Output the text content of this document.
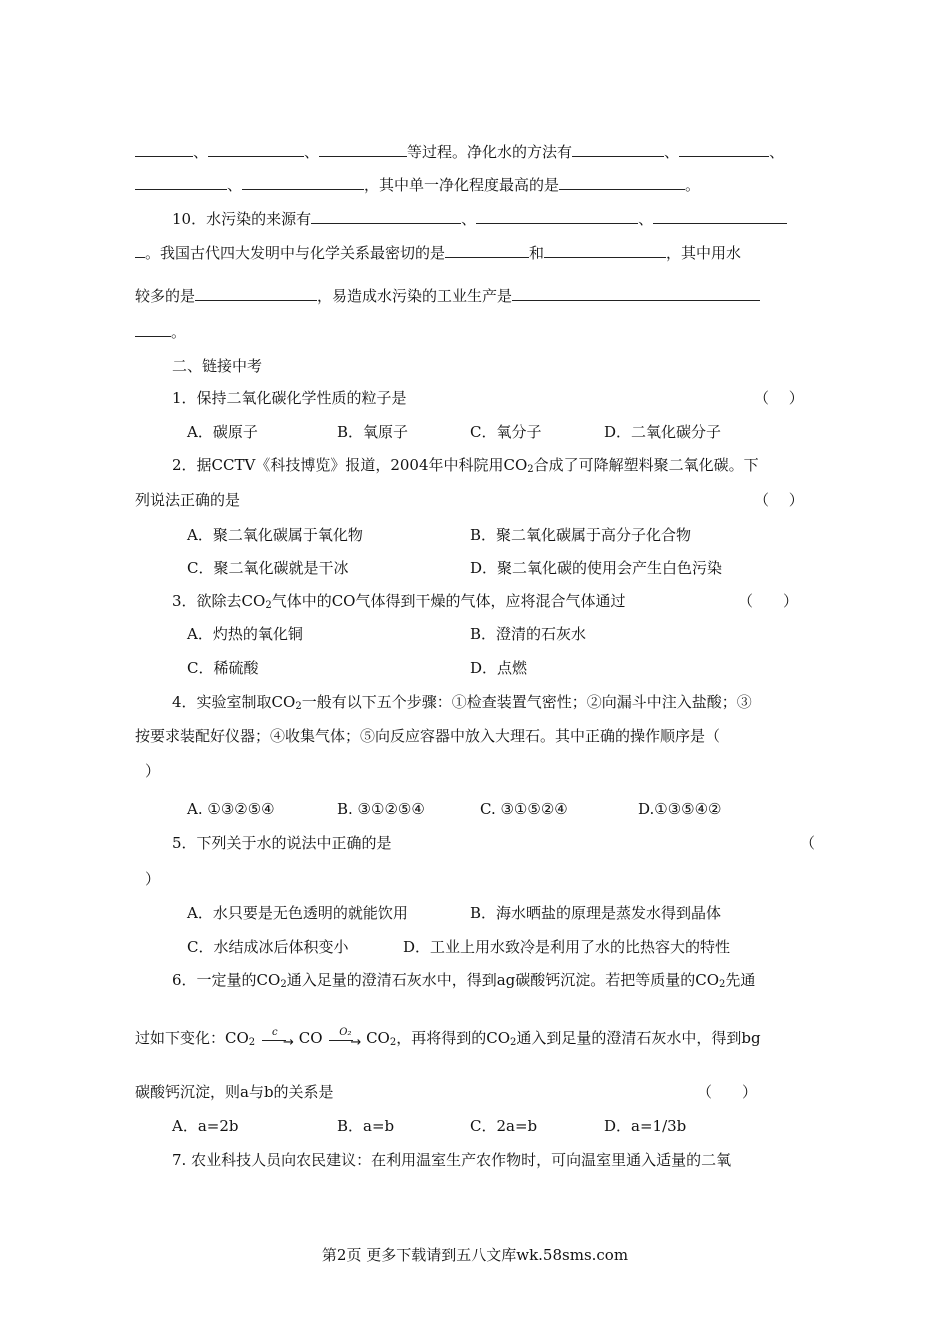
、	、	等过程。净化水的方法有	、	、
、	，其中单一净化程度最高的是	。
10．水污染的来源有	、	、
。我国古代四大发明中与化学关系最密切的是	和	，其中用水
较多的是	，易造成水污染的工业生产是
。
二、链接中考
1．保持二氧化碳化学性质的粒子是	（　 ）
A．碳原子	B．氧原子	C．氧分子	D．二氧化碳分子
2．据CCTV《科技博览》报道，2004年中科院用$CO_2$合成了可降解塑料聚二氧化碳。下
列说法正确的是	（　 ）
A．聚二氧化碳属于氧化物	B．聚二氧化碳属于高分子化合物
C．聚二氧化碳就是干冰	D．聚二氧化碳的使用会产生白色污染
3．欲除去$CO_2$气体中的CO气体得到干燥的气体，应将混合气体通过	（　　）
A．灼热的氧化铜	B．澄清的石灰水
C．稀硫酸	D．点燃
4．实验室制取$CO_2$一般有以下五个步骤：①检查装置气密性；②向漏斗中注入盐酸；③
按要求装配好仪器；④收集气体；⑤向反应容器中放入大理石。其中正确的操作顺序是（
）
A. ①③②⑤④	B. ③①②⑤④	C. ③①⑤②④	D.①③⑤④②
5．下列关于水的说法中正确的是	（
）
A．水只要是无色透明的就能饮用	B．海水晒盐的原理是蒸发水得到晶体
C．水结成冰后体积变小	D．工业上用水致冷是利用了水的比热容大的特性
6．一定量的$CO_2$通入足量的澄清石灰水中，得到ag碳酸钙沉淀。若把等质量的$CO_2$先通
过如下变化：$CO_2$
c
→ CO O₂
→ $CO_2$，再将得到的$CO_2$通入到足量的澄清石灰水中，得到bg
碳酸钙沉淀，则a与b的关系是	（　　）
A．a=2b	B．a=b	C．2a=b	D．a=1/3b
7. 农业科技人员向农民建议：在利用温室生产农作物时，可向温室里通入适量的二氧
第2页 更多下载请到五八文库wk.58sms.com
